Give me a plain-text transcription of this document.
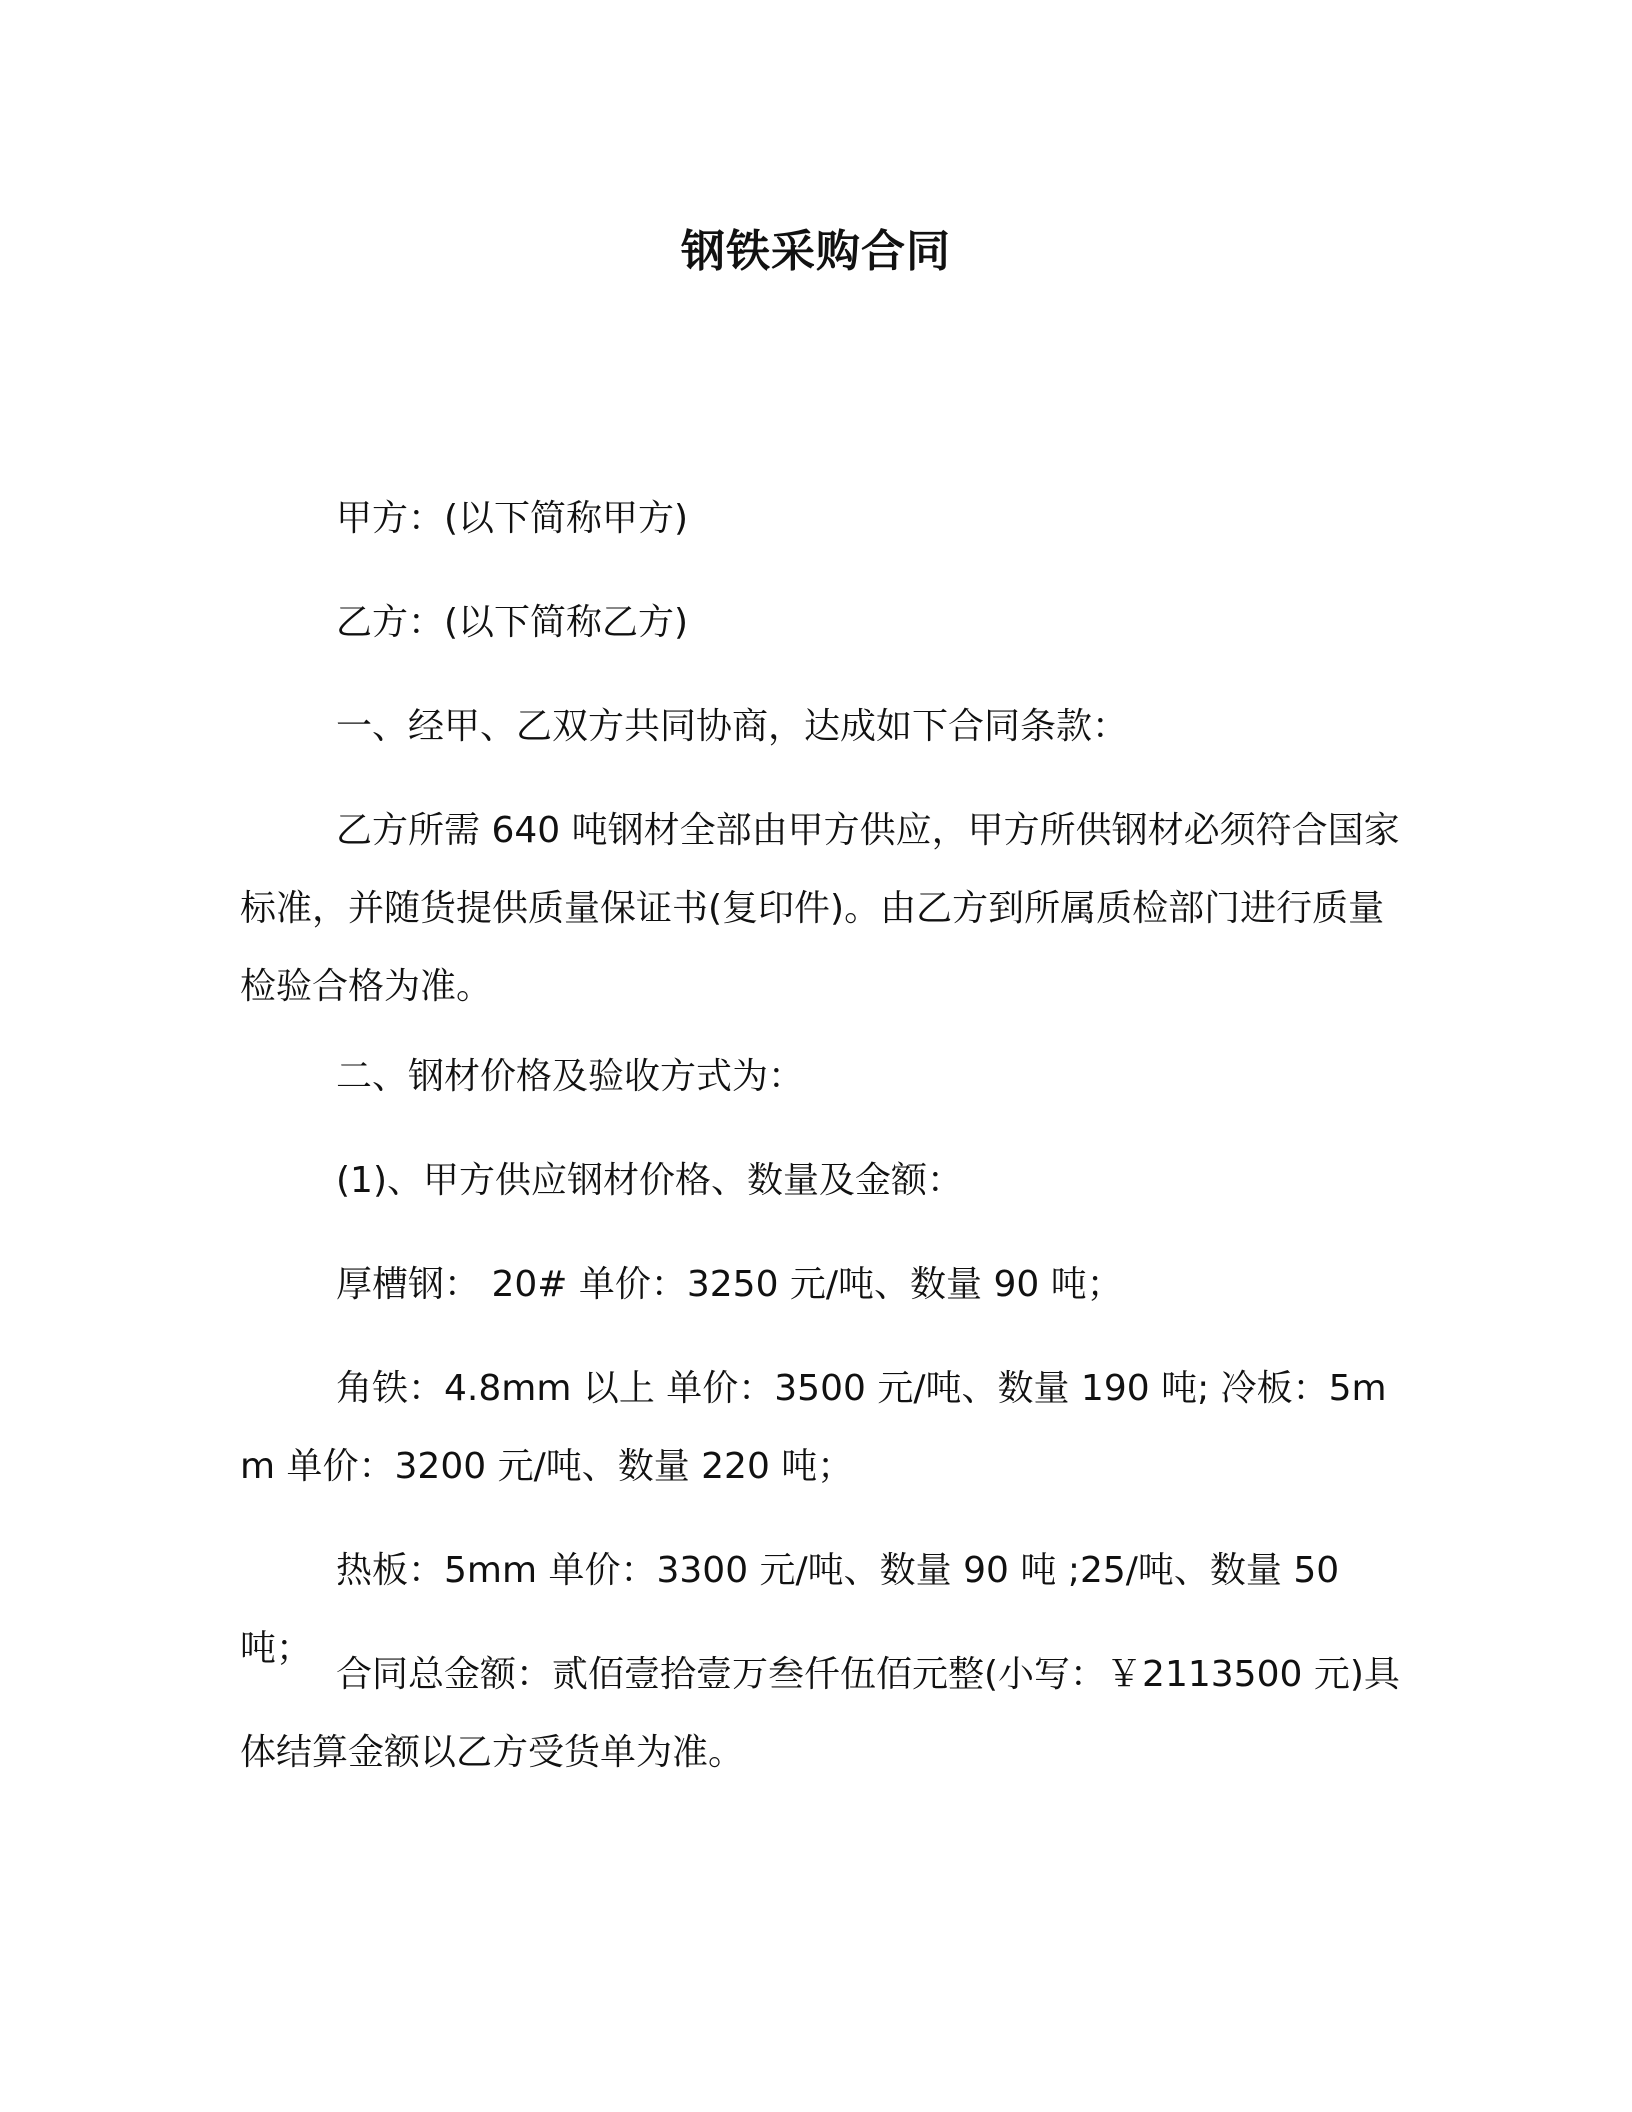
钢铁采购合同
甲方：(以下简称甲方)
乙方：(以下简称乙方)
一、经甲、乙双方共同协商，达成如下合同条款：
乙方所需 640 吨钢材全部由甲方供应，甲方所供钢材必须符合国家标准，并随货提供质量保证书(复印件)。由乙方到所属质检部门进行质量检验合格为准。
二、钢材价格及验收方式为：
(1)、甲方供应钢材价格、数量及金额：
厚槽钢： 20# 单价：3250 元/吨、数量 90 吨；
角铁：4.8mm 以上 单价：3500 元/吨、数量 190 吨; 冷板：5mm 单价：3200 元/吨、数量 220 吨；
热板：5mm 单价：3300 元/吨、数量 90 吨 ;25/吨、数量 50 吨；
合同总金额：贰佰壹拾壹万叁仟伍佰元整(小写：￥2113500 元)具体结算金额以乙方受货单为准。
